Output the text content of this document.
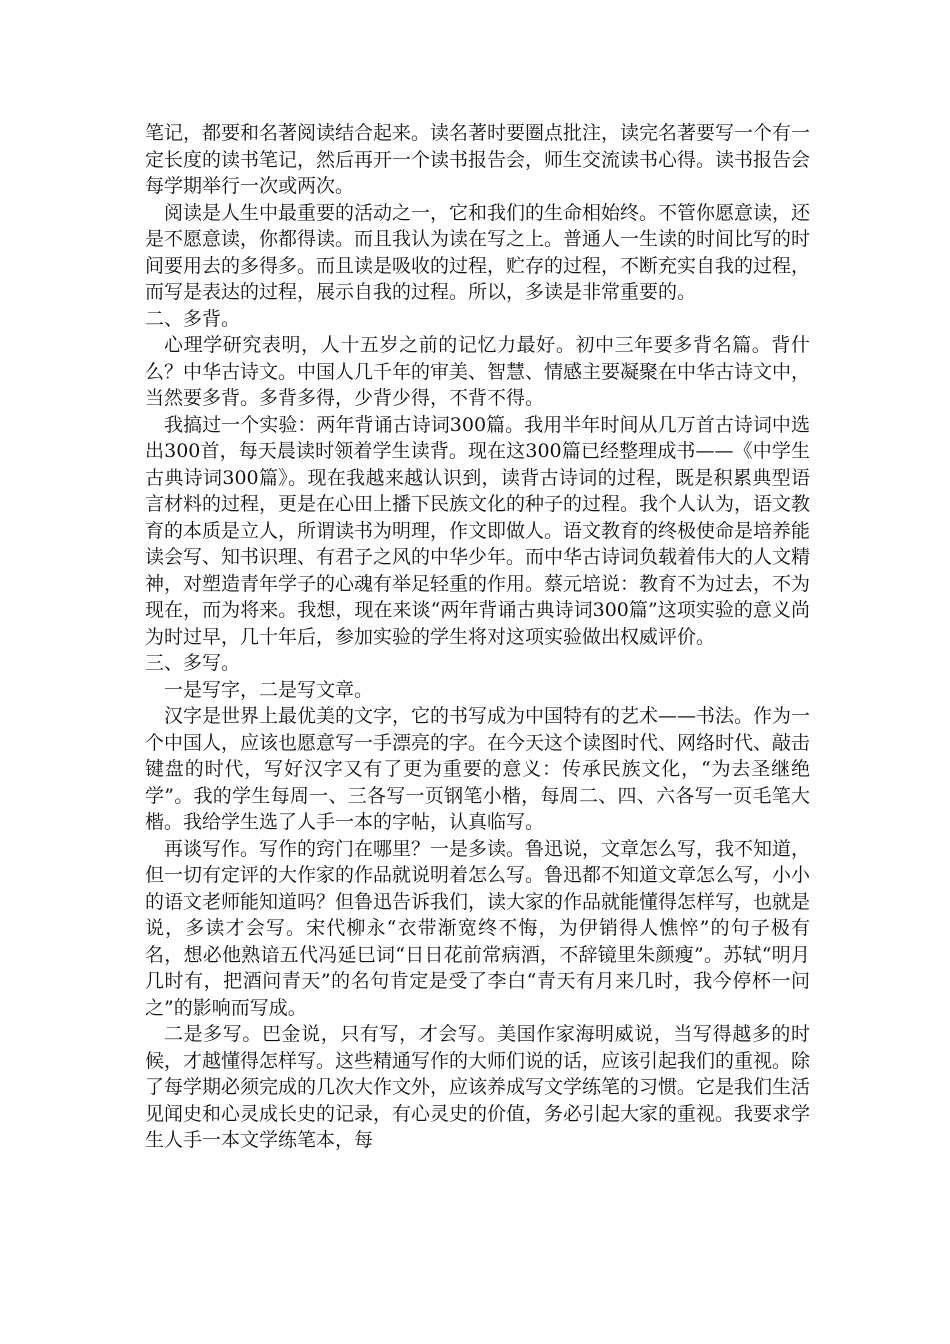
笔记，都要和名著阅读结合起来。读名著时要圈点批注，读完名著要写一个有一定长度的读书笔记，然后再开一个读书报告会，师生交流读书心得。读书报告会每学期举行一次或两次。

阅读是人生中最重要的活动之一，它和我们的生命相始终。不管你愿意读，还是不愿意读，你都得读。而且我认为读在写之上。普通人一生读的时间比写的时间要用去的多得多。而且读是吸收的过程，贮存的过程，不断充实自我的过程，而写是表达的过程，展示自我的过程。所以，多读是非常重要的。

二、多背。

心理学研究表明，人十五岁之前的记忆力最好。初中三年要多背名篇。背什么？中华古诗文。中国人几千年的审美、智慧、情感主要凝聚在中华古诗文中，当然要多背。多背多得，少背少得，不背不得。

我搞过一个实验：两年背诵古诗词300篇。我用半年时间从几万首古诗词中选出300首，每天晨读时领着学生读背。现在这300篇已经整理成书——《中学生古典诗词300篇》。现在我越来越认识到，读背古诗词的过程，既是积累典型语言材料的过程，更是在心田上播下民族文化的种子的过程。我个人认为，语文教育的本质是立人，所谓读书为明理，作文即做人。语文教育的终极使命是培养能读会写、知书识理、有君子之风的中华少年。而中华古诗词负载着伟大的人文精神，对塑造青年学子的心魂有举足轻重的作用。蔡元培说：教育不为过去，不为现在，而为将来。我想，现在来谈“两年背诵古典诗词300篇”这项实验的意义尚为时过早，几十年后，参加实验的学生将对这项实验做出权威评价。

三、多写。

一是写字，二是写文章。

汉字是世界上最优美的文字，它的书写成为中国特有的艺术——书法。作为一个中国人，应该也愿意写一手漂亮的字。在今天这个读图时代、网络时代、敲击键盘的时代，写好汉字又有了更为重要的意义：传承民族文化，“为去圣继绝学”。我的学生每周一、三各写一页钢笔小楷，每周二、四、六各写一页毛笔大楷。我给学生选了人手一本的字帖，认真临写。

再谈写作。写作的窍门在哪里？一是多读。鲁迅说，文章怎么写，我不知道，但一切有定评的大作家的作品就说明着怎么写。鲁迅都不知道文章怎么写，小小的语文老师能知道吗？但鲁迅告诉我们，读大家的作品就能懂得怎样写，也就是说，多读才会写。宋代柳永“衣带渐宽终不悔，为伊销得人憔悴”的句子极有名，想必他熟谙五代冯延巳词“日日花前常病酒，不辞镜里朱颜瘦”。苏轼“明月几时有，把酒问青天”的名句肯定是受了李白“青天有月来几时，我今停杯一问之”的影响而写成。

二是多写。巴金说，只有写，才会写。美国作家海明威说，当写得越多的时候，才越懂得怎样写。这些精通写作的大师们说的话，应该引起我们的重视。除了每学期必须完成的几次大作文外，应该养成写文学练笔的习惯。它是我们生活见闻史和心灵成长史的记录，有心灵史的价值，务必引起大家的重视。我要求学生人手一本文学练笔本，每
